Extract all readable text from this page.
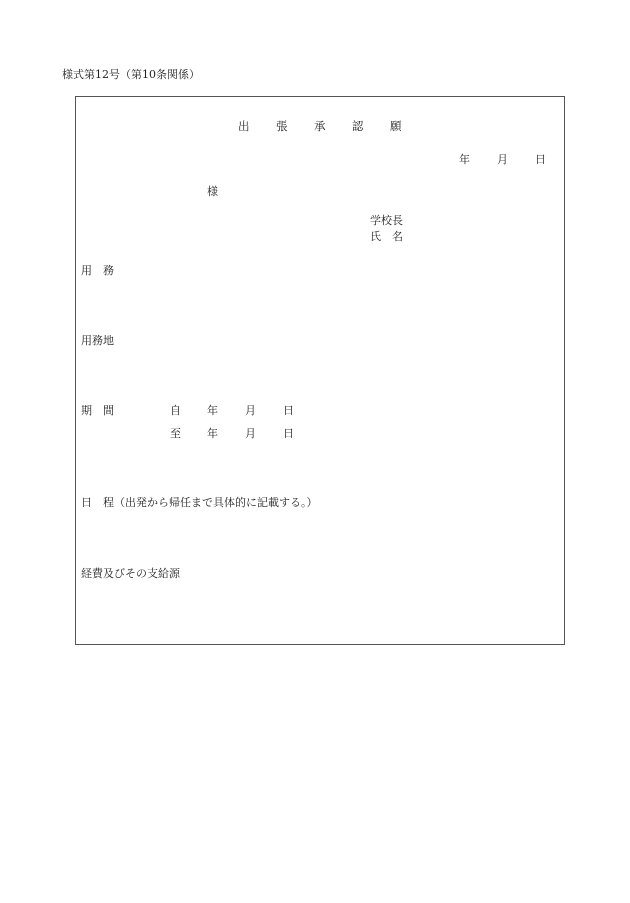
様式第12号（第10条関係）
出 張 承 認 願
年 月 日
様
学校長
氏　名
用　務
用務地
期　間	自 年 月 日
至 年 月 日
日　程（出発から帰任まで具体的に記載する。）
経費及びその支給源
